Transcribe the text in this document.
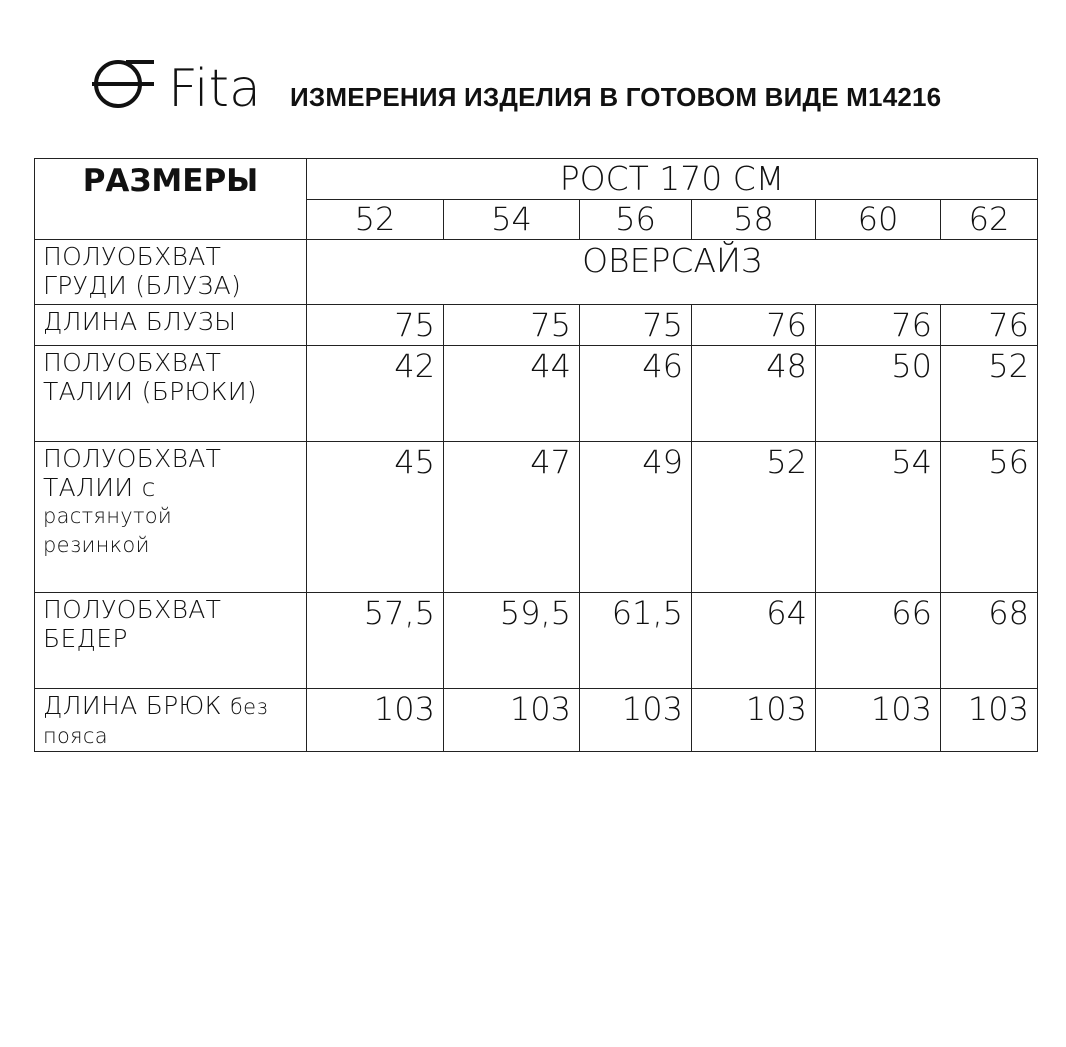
Fita ИЗМЕРЕНИЯ ИЗДЕЛИЯ В ГОТОВОМ ВИДЕ М14216
РАЗМЕРЫ	РОСТ 170 СМ					
	52	54	56	58	60	62

ПОЛУОБХВАТ
ГРУДИ (БЛУЗА)	ОВЕРСАЙЗ					

ДЛИНА БЛУЗЫ	75	75	75	76	76	76

ПОЛУОБХВАТ
ТАЛИИ (БРЮКИ)	42	44	46	48	50	52

ПОЛУОБХВАТ
ТАЛИИ с
растянутой
резинкой	45	47	49	52	54	56

ПОЛУОБХВАТ
БЕДЕР	57,5	59,5	61,5	64	66	68

ДЛИНА БРЮК без
пояса	103	103	103	103	103	103
